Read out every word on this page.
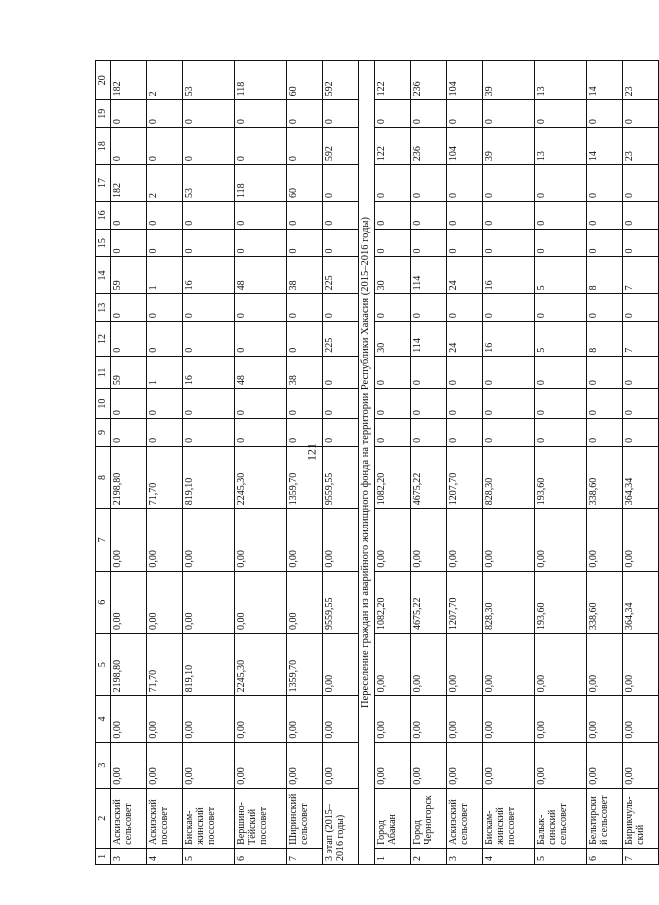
121
1	2	3	4	5	6	7	8	9	10	11	12	13	14	15	16	17	18	19	20
3	Аскизский сельсовет	0,00	0,00	2198,80	0,00	0,00	2198,80	0	0	59	0	0	59	0	0	182	0	0	182
4	Аскизский поссовет	0,00	0,00	71,70	0,00	0,00	71,70	0	0	1	0	0	1	0	0	2	0	0	2
5	Бискам-жинский поссовет	0,00	0,00	819,10	0,00	0,00	819,10	0	0	16	0	0	16	0	0	53	0	0	53
6	Вершино-Тёйский поссовет	0,00	0,00	2245,30	0,00	0,00	2245,30	0	0	48	0	0	48	0	0	118	0	0	118
7	Ширинский сельсовет	0,00	0,00	1359,70	0,00	0,00	1359,70	0	0	38	0	0	38	0	0	60	0	0	60
3 этап (2015–2016 годы)		0,00	0,00	0,00	9559,55	0,00	9559,55	0	0	0	225	0	225	0	0	0	592	0	592
Переселение граждан из аварийного жилищного фонда на территории Республики Хакасия (2015–2016 годы)																			
1	Город Абакан	0,00	0,00	0,00	1082,20	0,00	1082,20	0	0	0	30	0	30	0	0	0	122	0	122
2	Город Черногорск	0,00	0,00	0,00	4675,22	0,00	4675,22	0	0	0	114	0	114	0	0	0	236	0	236
3	Аскизский сельсовет	0,00	0,00	0,00	1207,70	0,00	1207,70	0	0	0	24	0	24	0	0	0	104	0	104
4	Бискам-жинский поссовет	0,00	0,00	0,00	828,30	0,00	828,30	0	0	0	16	0	16	0	0	0	39	0	39
5	Балык-синский сельсовет	0,00	0,00	0,00	193,60	0,00	193,60	0	0	0	5	0	5	0	0	0	13	0	13
6	Бельтирский сельсовет	0,00	0,00	0,00	338,60	0,00	338,60	0	0	0	8	0	8	0	0	0	14	0	14
7	Бирикчуль-ский	0,00	0,00	0,00	364,34	0,00	364,34	0	0	0	7	0	7	0	0	0	23	0	23
